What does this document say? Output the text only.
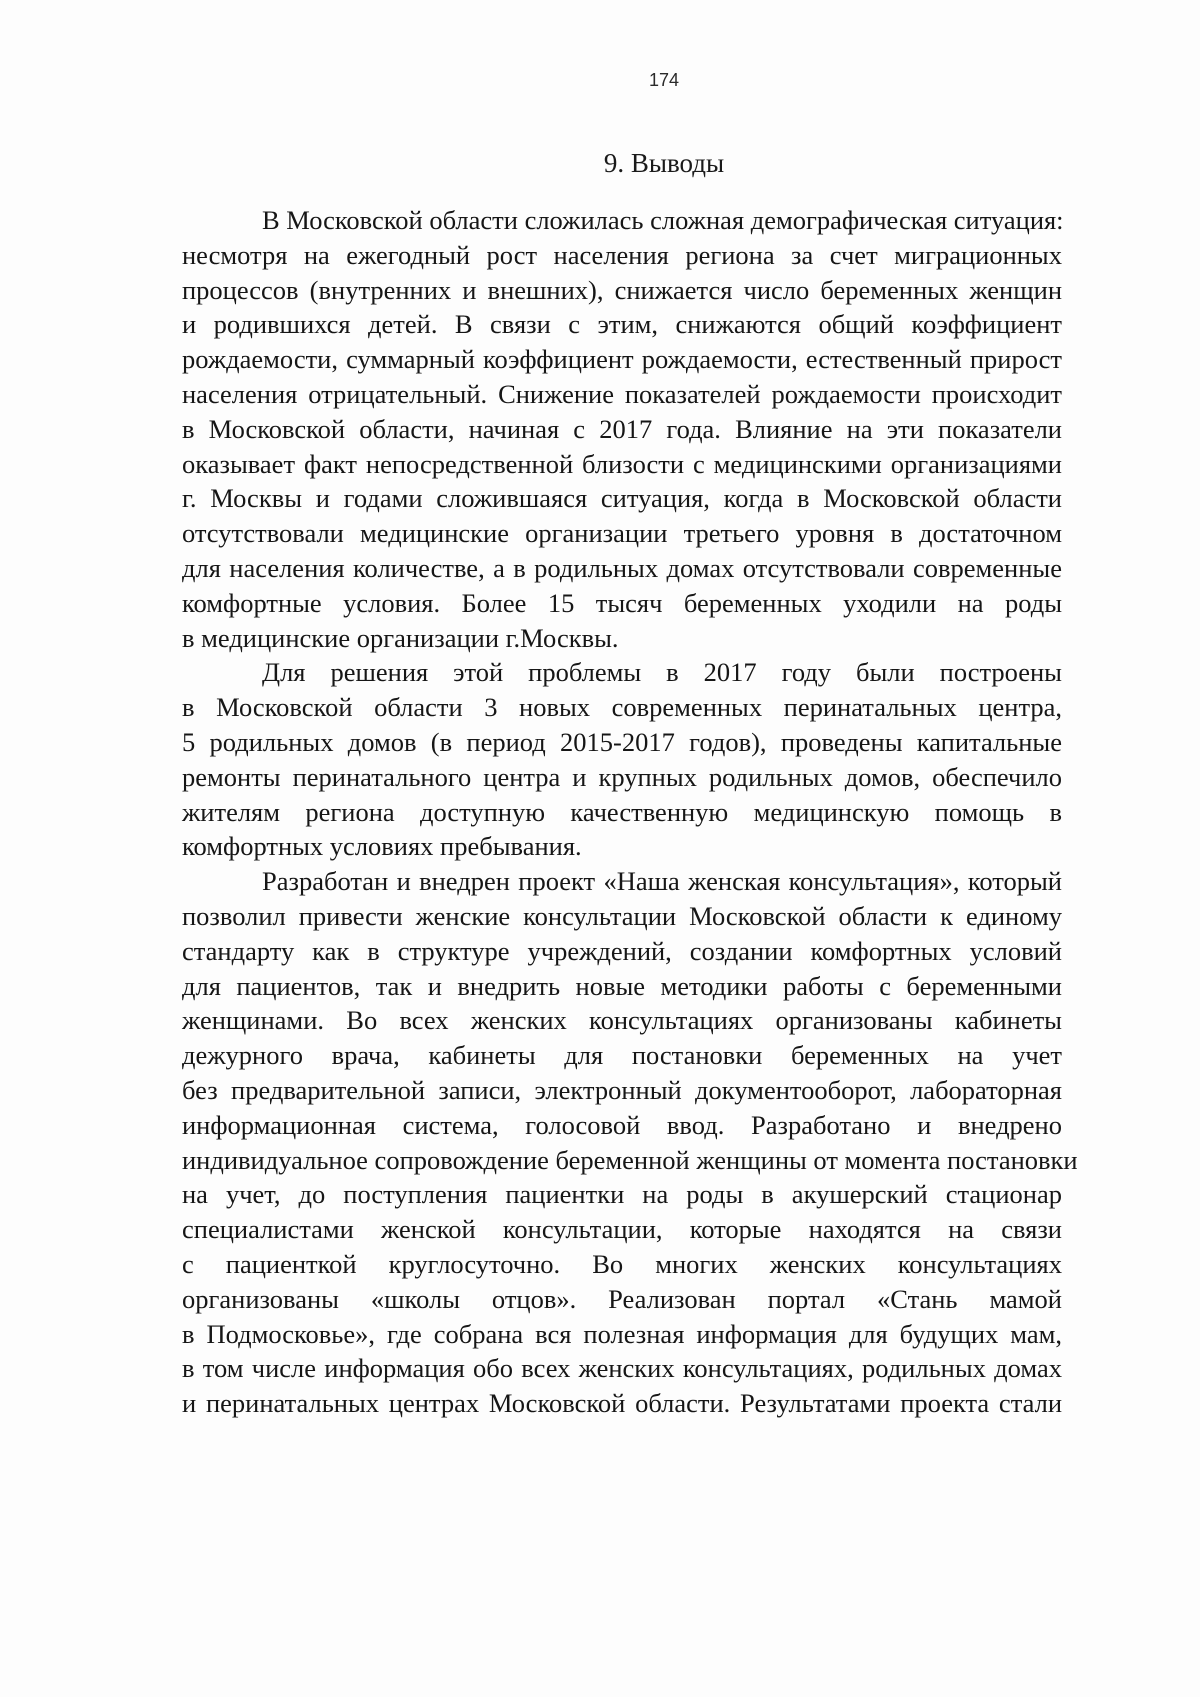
174
9. Выводы
В Московской области сложилась сложная демографическая ситуация:
несмотря на ежегодный рост населения региона за счет миграционных
процессов (внутренних и внешних), снижается число беременных женщин
и родившихся детей. В связи с этим, снижаются общий коэффициент
рождаемости, суммарный коэффициент рождаемости, естественный прирост
населения отрицательный. Снижение показателей рождаемости происходит
в Московской области, начиная с 2017 года. Влияние на эти показатели
оказывает факт непосредственной близости с медицинскими организациями
г. Москвы и годами сложившаяся ситуация, когда в Московской области
отсутствовали медицинские организации третьего уровня в достаточном
для населения количестве, а в родильных домах отсутствовали современные
комфортные условия. Более 15 тысяч беременных уходили на роды
в медицинские организации г.Москвы.
Для решения этой проблемы в 2017 году были построены
в Московской области 3 новых современных перинатальных центра,
5 родильных домов (в период 2015-2017 годов), проведены капитальные
ремонты перинатального центра и крупных родильных домов, обеспечило
жителям региона доступную качественную медицинскую помощь в
комфортных условиях пребывания.
Разработан и внедрен проект «Наша женская консультация», который
позволил привести женские консультации Московской области к единому
стандарту как в структуре учреждений, создании комфортных условий
для пациентов, так и внедрить новые методики работы с беременными
женщинами. Во всех женских консультациях организованы кабинеты
дежурного врача, кабинеты для постановки беременных на учет
без предварительной записи, электронный документооборот, лабораторная
информационная система, голосовой ввод. Разработано и внедрено
индивидуальное сопровождение беременной женщины от момента постановки
на учет, до поступления пациентки на роды в акушерский стационар
специалистами женской консультации, которые находятся на связи
с пациенткой круглосуточно. Во многих женских консультациях
организованы «школы отцов». Реализован портал «Стань мамой
в Подмосковье», где собрана вся полезная информация для будущих мам,
в том числе информация обо всех женских консультациях, родильных домах
и перинатальных центрах Московской области. Результатами проекта стали
